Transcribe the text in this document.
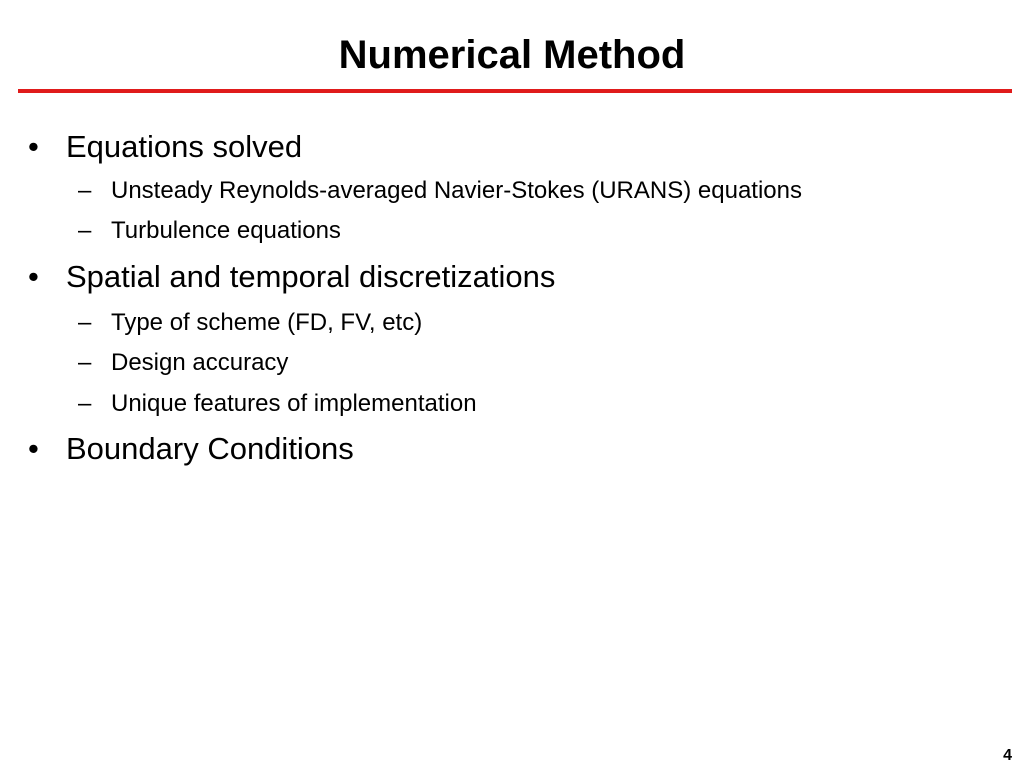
Numerical Method
• Equations solved
– Unsteady Reynolds-averaged Navier-Stokes (URANS) equations
– Turbulence equations
• Spatial and temporal discretizations
– Type of scheme (FD, FV, etc)
– Design accuracy
– Unique features of implementation
• Boundary Conditions
4
